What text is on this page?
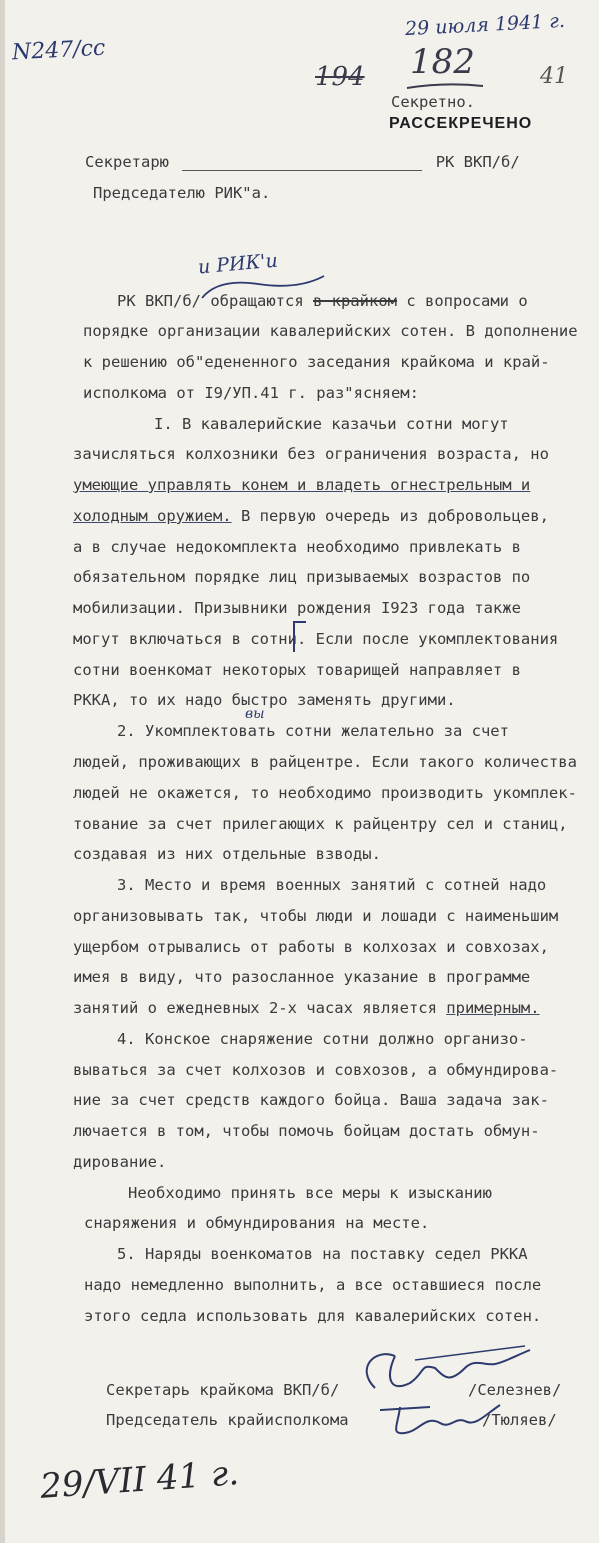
N247/сс
29 июля 1941 г.
194 182	41
Секретно.
РАССЕКРЕЧЕНО
Секретарю	РК ВКП/б/
Председателю РИК"а.
и РИК'и
РК ВКП/б/ обращаются в крайком с вопросами о
порядке организации кавалерийских сотен. В дополнение
к решению об"едененного заседания крайкома и край-
исполкома от I9/УП.41 г. раз"ясняем:
I. В кавалерийские казачьи сотни могут
зачисляться колхозники без ограничения возраста, но
умеющие управлять конем и владеть огнестрельным и
холодным оружием. В первую очередь из добровольцев,
а в случае недокомплекта необходимо привлекать в
обязательном порядке лиц призываемых возрастов по
мобилизации. Призывники рождения I923 года также
могут включаться в сотни. Если после укомплектования
сотни военкомат некоторых товарищей направляет в
РККА, то их надо быстро заменять другими.
вы
2. Укомплектовать сотни желательно за счет
людей, проживающих в райцентре. Если такого количества
людей не окажется, то необходимо производить укомплек-
тование за счет прилегающих к райцентру сел и станиц,
создавая из них отдельные взводы.
3. Место и время военных занятий с сотней надо
организовывать так, чтобы люди и лошади с наименьшим
ущербом отрывались от работы в колхозах и совхозах,
имея в виду, что разосланное указание в программе
занятий о ежедневных 2-х часах является примерным.
4. Конское снаряжение сотни должно организо-
вываться за счет колхозов и совхозов, а обмундирова-
ние за счет средств каждого бойца. Ваша задача зак-
лючается в том, чтобы помочь бойцам достать обмун-
дирование.
Необходимо принять все меры к изысканию
снаряжения и обмундирования на месте.
5. Наряды военкоматов на поставку седел РККА
надо немедленно выполнить, а все оставшиеся после
этого седла использовать для кавалерийских сотен.
Секретарь крайкома ВКП/б/	/Селезнев/
Председатель крайисполкома	/Тюляев/
29/VII 41 г.
